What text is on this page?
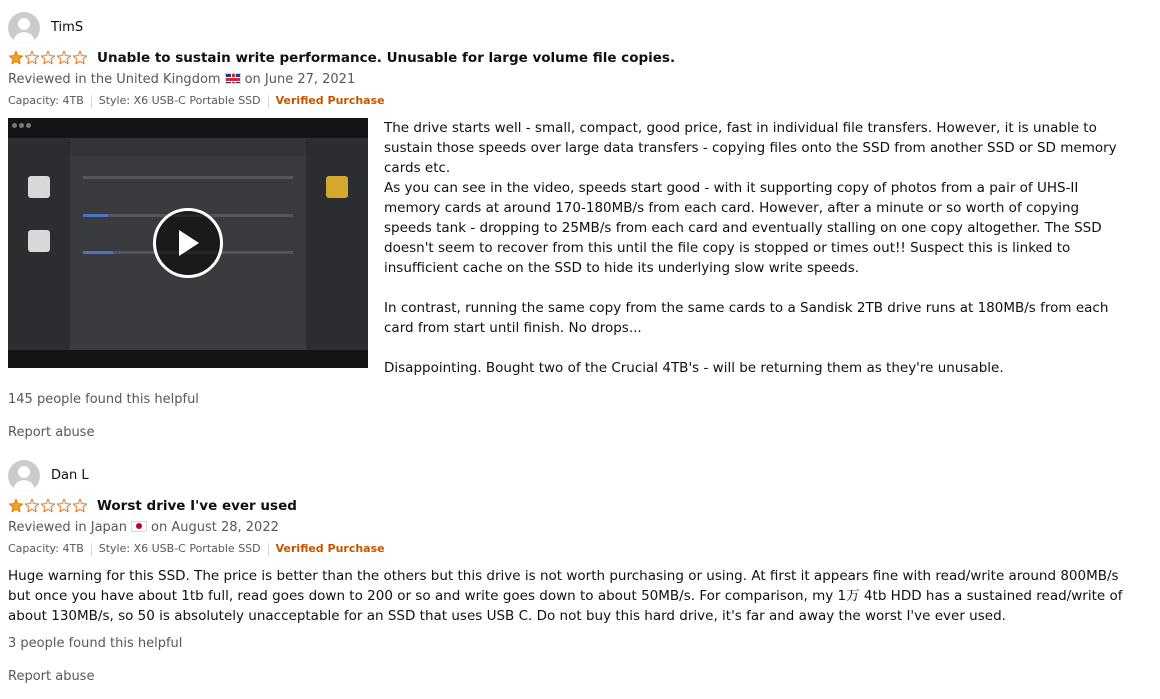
TimS
Unable to sustain write performance. Unusable for large volume file copies.
Reviewed in the United Kingdom on June 27, 2021
Capacity: 4TB Style: X6 USB-C Portable SSD Verified Purchase

The drive starts well - small, compact, good price, fast in individual file transfers. However, it is unable to sustain those speeds over large data transfers - copying files onto the SSD from another SSD or SD memory cards etc.
As you can see in the video, speeds start good - with it supporting copy of photos from a pair of UHS-II memory cards at around 170-180MB/s from each card. However, after a minute or so worth of copying speeds tank - dropping to 25MB/s from each card and eventually stalling on one copy altogether. The SSD doesn't seem to recover from this until the file copy is stopped or times out!! Suspect this is linked to insufficient cache on the SSD to hide its underlying slow write speeds.

In contrast, running the same copy from the same cards to a Sandisk 2TB drive runs at 180MB/s from each card from start until finish. No drops...

Disappointing. Bought two of the Crucial 4TB's - will be returning them as they're unusable.

145 people found this helpful
Report abuse
Dan L
Worst drive I've ever used
Reviewed in Japan on August 28, 2022
Capacity: 4TB Style: X6 USB-C Portable SSD Verified Purchase
Huge warning for this SSD. The price is better than the others but this drive is not worth purchasing or using. At first it appears fine with read/write around 800MB/s but once you have about 1tb full, read goes down to 200 or so and write goes down to about 50MB/s. For comparison, my 1万 4tb HDD has a sustained read/write of about 130MB/s, so 50 is absolutely unacceptable for an SSD that uses USB C. Do not buy this hard drive, it's far and away the worst I've ever used.
3 people found this helpful
Report abuse
